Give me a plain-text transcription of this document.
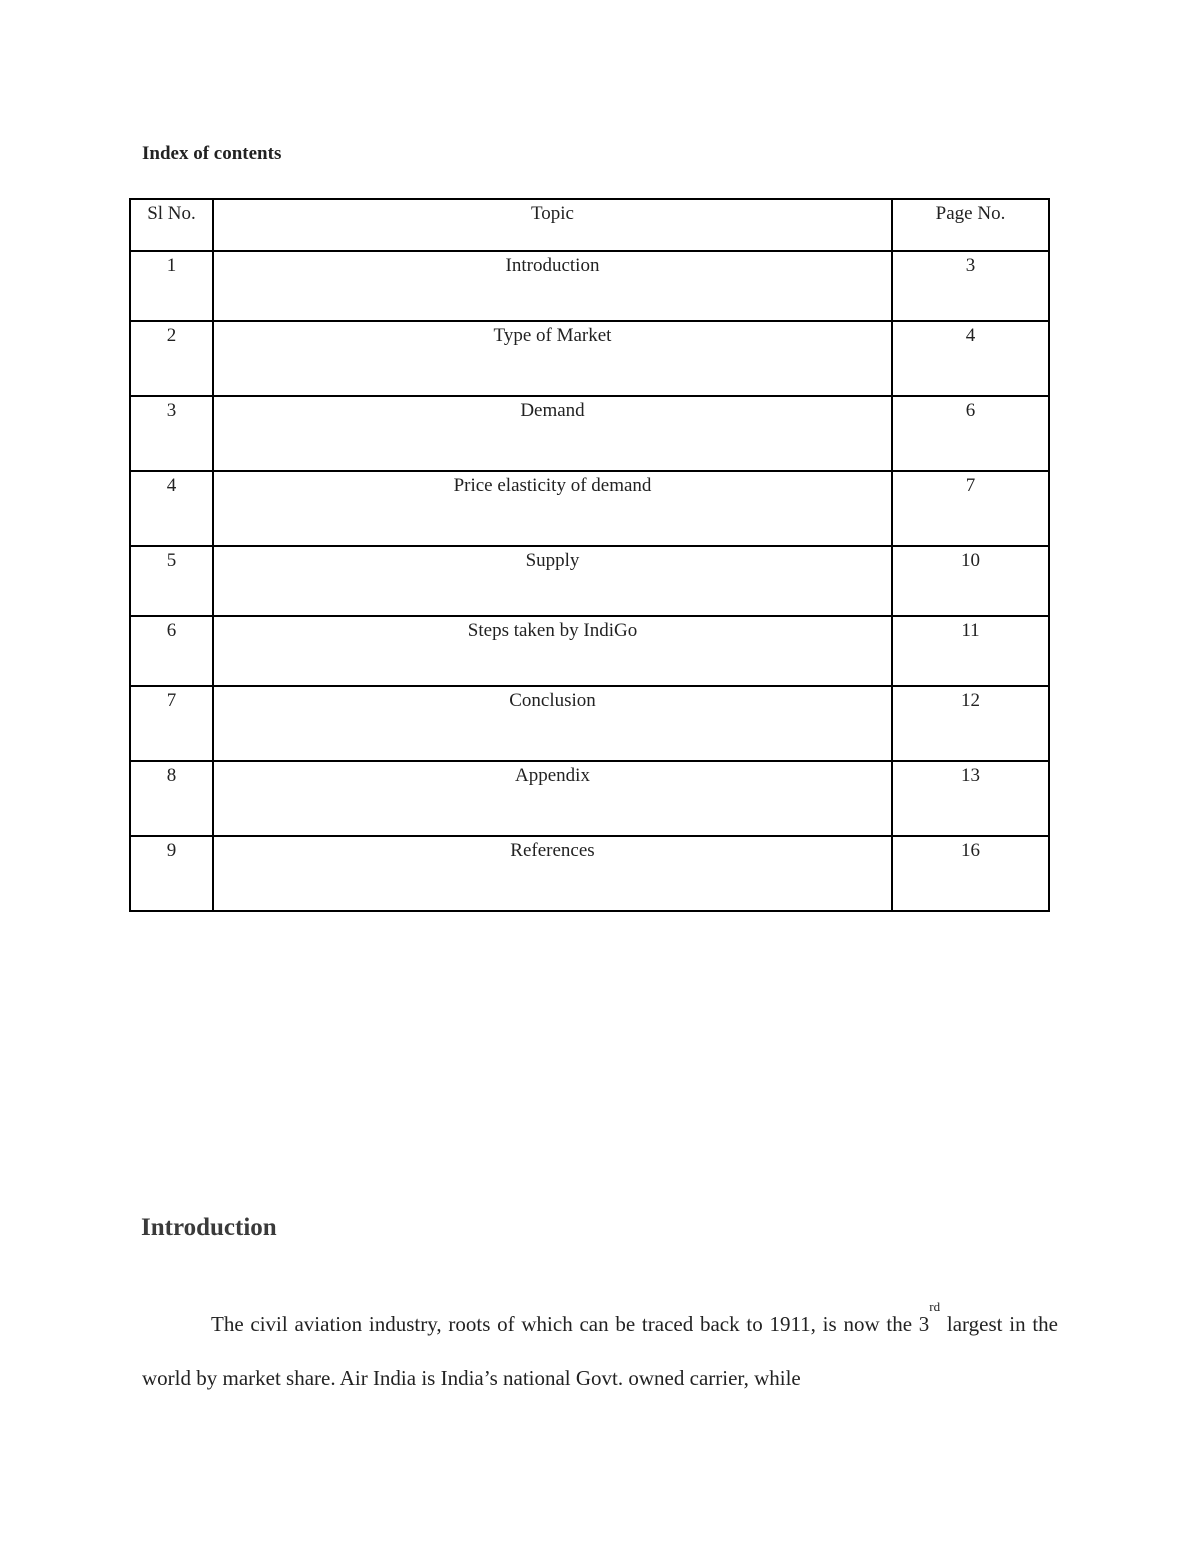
Index of contents
Sl No.	Topic	Page No.
1	Introduction	3
2	Type of Market	4
3	Demand	6
4	Price elasticity of demand	7
5	Supply	10
6	Steps taken by IndiGo	11
7	Conclusion	12
8	Appendix	13
9	References	16
Introduction

The civil aviation industry, roots of which can be traced back to 1911, is now the 3rd largest in the world by market share. Air India is India’s national Govt. owned carrier, while
